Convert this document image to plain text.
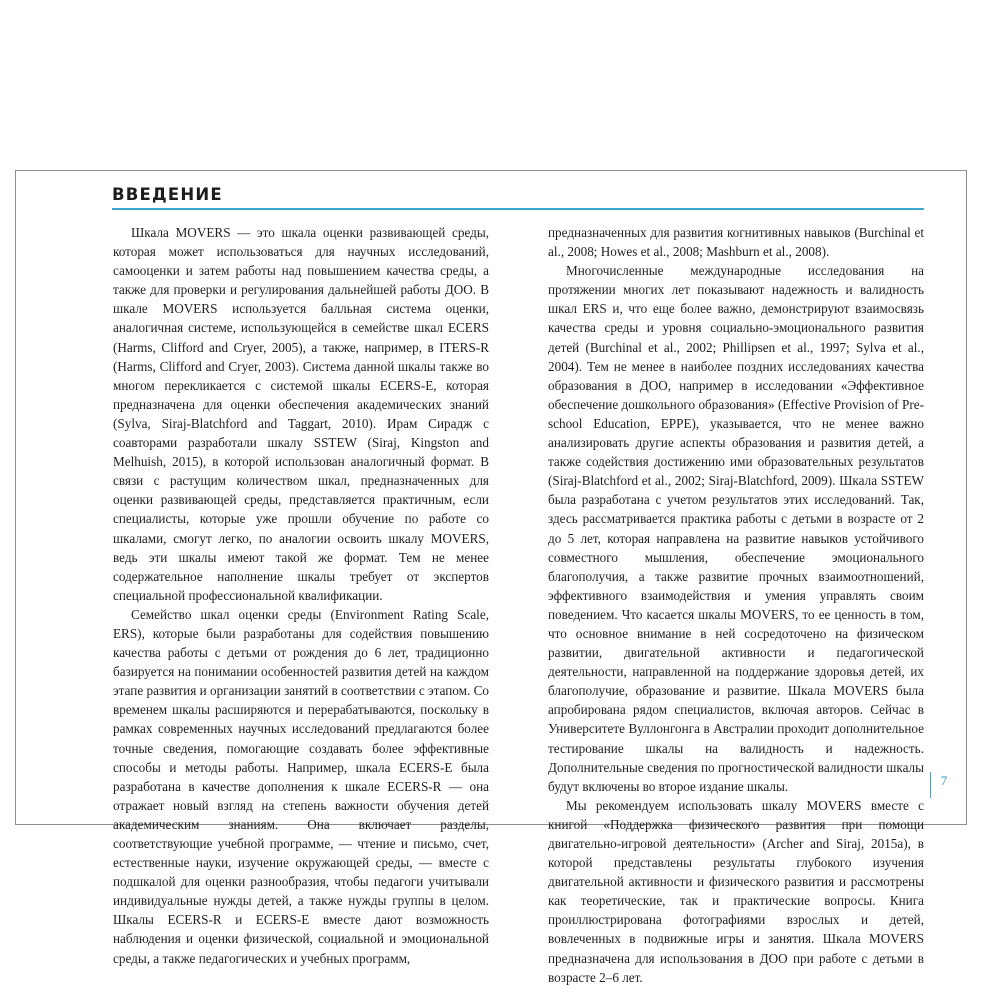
ВВЕДЕНИЕ

Шкала MOVERS — это шкала оценки развивающей среды, которая может использоваться для научных исследований, самооценки и затем работы над повышением качества среды, а также для проверки и регулирования дальнейшей работы ДОО. В шкале MOVERS используется балльная система оценки, аналогичная системе, использующейся в семействе шкал ECERS (Harms, Clifford and Cryer, 2005), а также, например, в ITERS-R (Harms, Clifford and Cryer, 2003). Система данной шкалы также во многом перекликается с системой шкалы ECERS-E, которая предназначена для оценки обеспечения академических знаний (Sylva, Siraj-Blatchford and Taggart, 2010). Ирам Сирадж с соавторами разработали шкалу SSTEW (Siraj, Kingston and Melhuish, 2015), в которой использован аналогичный формат. В связи с растущим количеством шкал, предназначенных для оценки развивающей среды, представляется практичным, если специалисты, которые уже прошли обучение по работе со шкалами, смогут легко, по аналогии освоить шкалу MOVERS, ведь эти шкалы имеют такой же формат. Тем не менее содержательное наполнение шкалы требует от экспертов специальной профессиональной квалификации.

Семейство шкал оценки среды (Environment Rating Scale, ERS), которые были разработаны для содействия повышению качества работы с детьми от рождения до 6 лет, традиционно базируется на понимании особенностей развития детей на каждом этапе развития и организации занятий в соответствии с этапом. Со временем шкалы расширяются и перерабатываются, поскольку в рамках современных научных исследований предлагаются более точные сведения, помогающие создавать более эффективные способы и методы работы. Например, шкала ECERS-E была разработана в качестве дополнения к шкале ECERS-R — она отражает новый взгляд на степень важности обучения детей академическим знаниям. Она включает разделы, соответствующие учебной программе, — чтение и письмо, счет, естественные науки, изучение окружающей среды, — вместе с подшкалой для оценки разнообразия, чтобы педагоги учитывали индивидуальные нужды детей, а также нужды группы в целом. Шкалы ECERS-R и ECERS-E вместе дают возможность наблюдения и оценки физической, социальной и эмоциональной среды, а также педагогических и учебных программ,

предназначенных для развития когнитивных навыков (Burchinal et al., 2008; Howes et al., 2008; Mashburn et al., 2008).

Многочисленные международные исследования на протяжении многих лет показывают надежность и валидность шкал ERS и, что еще более важно, демонстрируют взаимосвязь качества среды и уровня социально-эмоционального развития детей (Burchinal et al., 2002; Phillipsen et al., 1997; Sylva et al., 2004). Тем не менее в наиболее поздних исследованиях качества образования в ДОО, например в исследовании «Эффективное обеспечение дошкольного образования» (Effective Provision of Pre-school Education, EPPE), указывается, что не менее важно анализировать другие аспекты образования и развития детей, а также содействия достижению ими образовательных результатов (Siraj-Blatchford et al., 2002; Siraj-Blatchford, 2009). Шкала SSTEW была разработана с учетом результатов этих исследований. Так, здесь рассматривается практика работы с детьми в возрасте от 2 до 5 лет, которая направлена на развитие навыков устойчивого совместного мышления, обеспечение эмоционального благополучия, а также развитие прочных взаимоотношений, эффективного взаимодействия и умения управлять своим поведением. Что касается шкалы MOVERS, то ее ценность в том, что основное внимание в ней сосредоточено на физическом развитии, двигательной активности и педагогической деятельности, направленной на поддержание здоровья детей, их благополучие, образование и развитие. Шкала MOVERS была апробирована рядом специалистов, включая авторов. Сейчас в Университете Вуллонгонга в Австралии проходит дополнительное тестирование шкалы на валидность и надежность. Дополнительные сведения по прогностической валидности шкалы будут включены во второе издание шкалы.

Мы рекомендуем использовать шкалу MOVERS вместе с книгой «Поддержка физического развития при помощи двигательно-игровой деятельности» (Archer and Siraj, 2015a), в которой представлены результаты глубокого изучения двигательной активности и физического развития и рассмотрены как теоретические, так и практические вопросы. Книга проиллюстрирована фотографиями взрослых и детей, вовлеченных в подвижные игры и занятия. Шкала MOVERS предназначена для использования в ДОО при работе с детьми в возрасте 2–6 лет.

7
